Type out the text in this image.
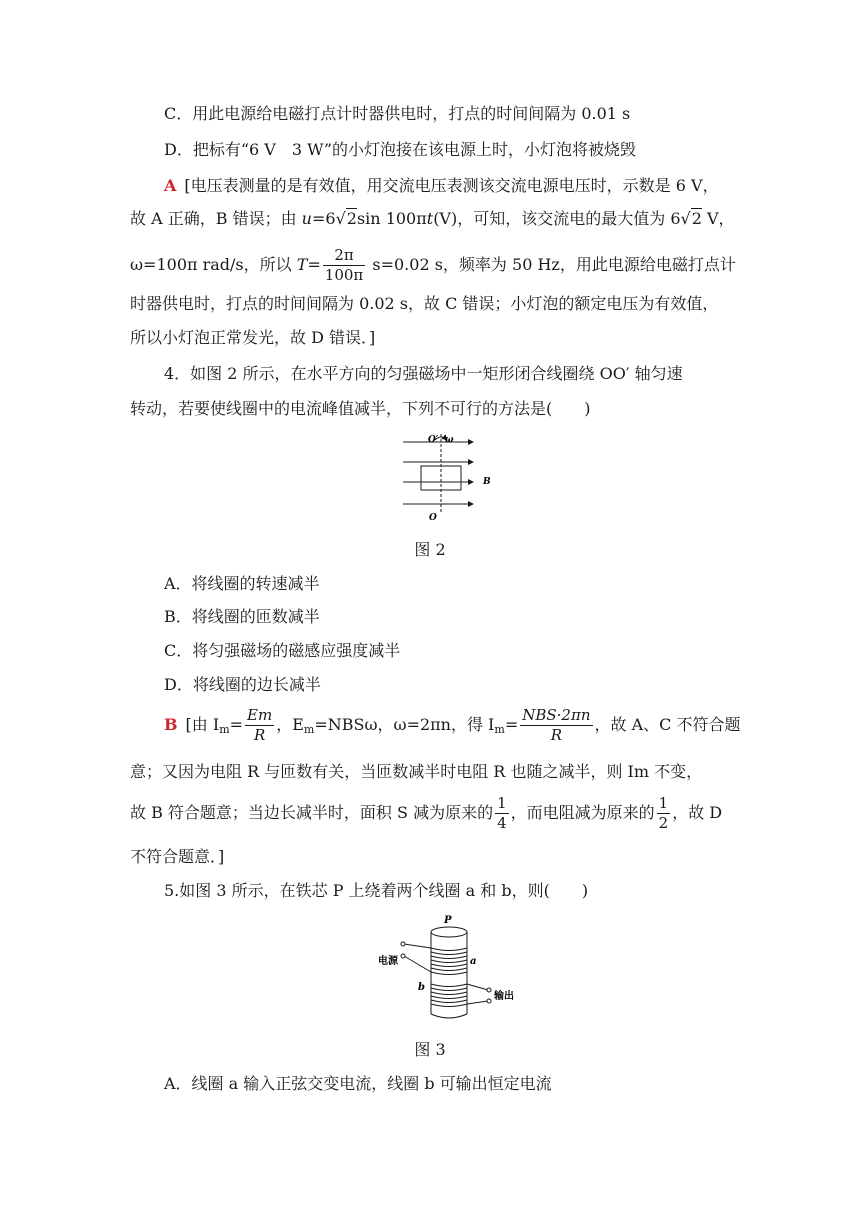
C．用此电源给电磁打点计时器供电时，打点的时间间隔为 0.01 s
D．把标有“6 V　3 W”的小灯泡接在该电源上时，小灯泡将被烧毁
A [电压表测量的是有效值，用交流电压表测该交流电源电压时，示数是 6 V，
故 A 正确，B 错误；由 u=6√2sin 100πt(V)，可知，该交流电的最大值为 6√2 V，
ω=100π rad/s，所以 $T= \frac{2\pi}{100\pi} s=0.02$ s，频率为 50 Hz，用此电源给电磁打点计
时器供电时，打点的时间间隔为 0.02 s，故 C 错误；小灯泡的额定电压为有效值，
所以小灯泡正常发光，故 D 错误．]
4．如图 2 所示，在水平方向的匀强磁场中一矩形闭合线圈绕 OO′ 轴匀速
转动，若要使线圈中的电流峰值减半，下列不可行的方法是(　　)
O′ ω
B
O
图 2
A．将线圈的转速减半
B．将线圈的匝数减半
C．将匀强磁场的磁感应强度减半
D．将线圈的边长减半
B [由 $I_m= \frac{Em}{R}$ ，$E_m=NBS\omega$，ω=2πn，得 $I_m= \frac{\text{NBS·2πn}}{R}$ ，故 A、C 不符合题
意；又因为电阻 R 与匝数有关，当匝数减半时电阻 R 也随之减半，则 Im 不变，
故 B 符合题意；当边长减半时，面积 S 减为原来的 $\frac{1}{4}$ ，而电阻减为原来的 $\frac{1}{2}$ ，故 D
不符合题意．]
5.如图 3 所示，在铁芯 P 上绕着两个线圈 a 和 b，则(　　)
P
电源	a
b
输出
图 3
A．线圈 a 输入正弦交变电流，线圈 b 可输出恒定电流
